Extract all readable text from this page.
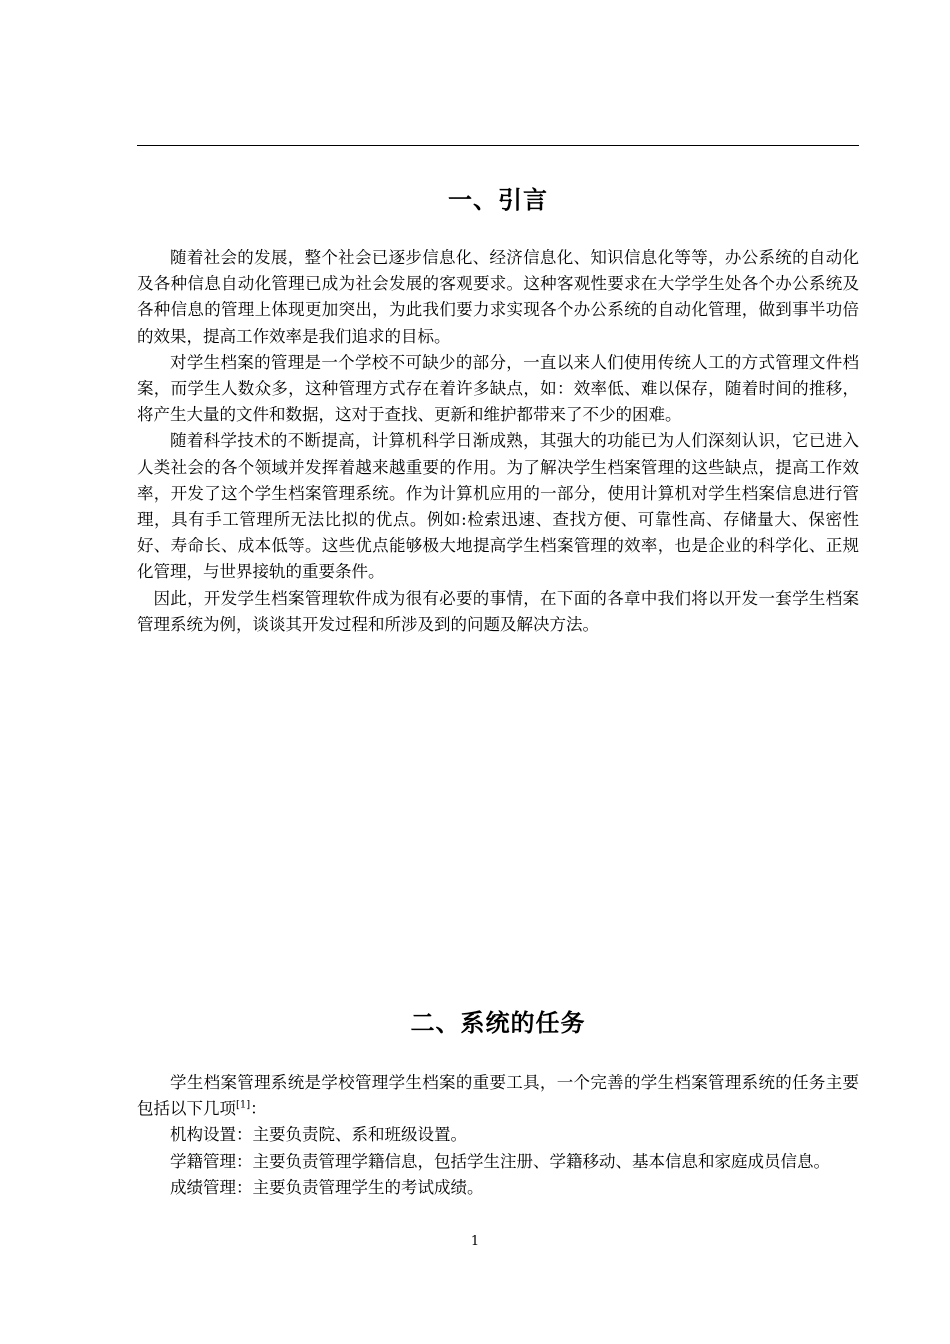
一、引言

随着社会的发展，整个社会已逐步信息化、经济信息化、知识信息化等等，办公系统的自动化及各种信息自动化管理已成为社会发展的客观要求。这种客观性要求在大学学生处各个办公系统及各种信息的管理上体现更加突出，为此我们要力求实现各个办公系统的自动化管理，做到事半功倍的效果，提高工作效率是我们追求的目标。

对学生档案的管理是一个学校不可缺少的部分，一直以来人们使用传统人工的方式管理文件档案，而学生人数众多，这种管理方式存在着许多缺点，如：效率低、难以保存，随着时间的推移，将产生大量的文件和数据，这对于查找、更新和维护都带来了不少的困难。

随着科学技术的不断提高，计算机科学日渐成熟，其强大的功能已为人们深刻认识，它已进入人类社会的各个领域并发挥着越来越重要的作用。为了解决学生档案管理的这些缺点，提高工作效率，开发了这个学生档案管理系统。作为计算机应用的一部分，使用计算机对学生档案信息进行管理，具有手工管理所无法比拟的优点。例如:检索迅速、查找方便、可靠性高、存储量大、保密性好、寿命长、成本低等。这些优点能够极大地提高学生档案管理的效率，也是企业的科学化、正规化管理，与世界接轨的重要条件。

因此，开发学生档案管理软件成为很有必要的事情，在下面的各章中我们将以开发一套学生档案管理系统为例，谈谈其开发过程和所涉及到的问题及解决方法。

二、系统的任务

学生档案管理系统是学校管理学生档案的重要工具，一个完善的学生档案管理系统的任务主要包括以下几项[1]：

机构设置：主要负责院、系和班级设置。

学籍管理：主要负责管理学籍信息，包括学生注册、学籍移动、基本信息和家庭成员信息。

成绩管理：主要负责管理学生的考试成绩。

1
